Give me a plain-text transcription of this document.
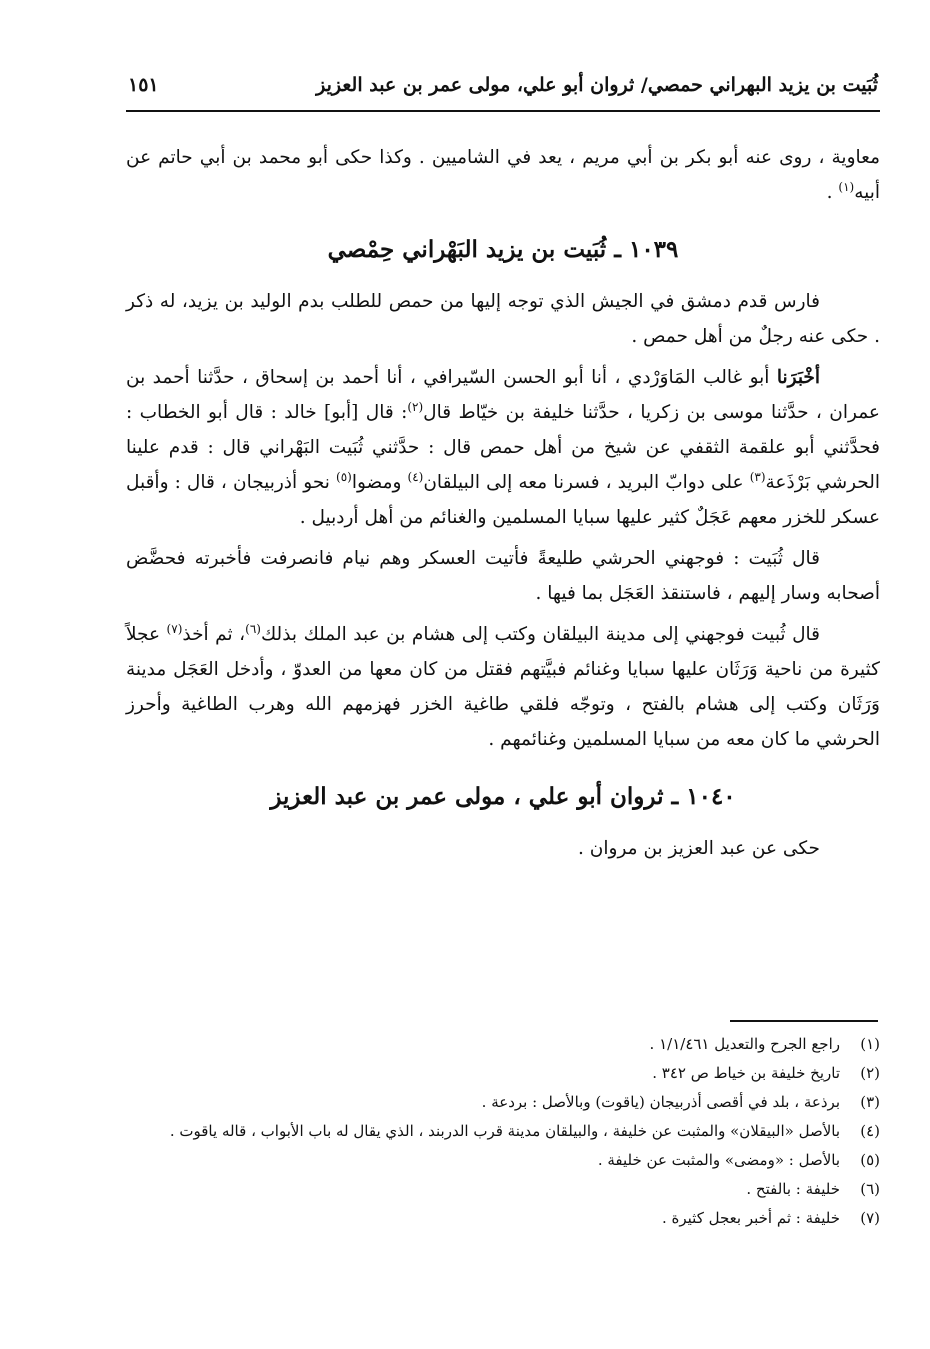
ثُبَيت بن يزيد البهراني حمصي/ ثروان أبو علي، مولى عمر بن عبد العزيز
١٥١

معاوية ، روى عنه أبو بكر بن أبي مريم ، يعد في الشاميين . وكذا حكى أبو محمد بن أبي حاتم عن أبيه$^{(١)}$ .

١٠٣٩ ـ ثُبَيت بن يزيد البَهْراني حِمْصي

فارس قدم دمشق في الجيش الذي توجه إليها من حمص للطلب بدم الوليد بن يزيد، له ذكر . حكى عنه رجلٌ من أهل حمص .

أخْبَرَنا أبو غالب المَاوَرْدي ، أنا أبو الحسن السّيرافي ، أنا أحمد بن إسحاق ، حدَّثنا أحمد بن عمران ، حدَّثنا موسى بن زكريا ، حدَّثنا خليفة بن خيّاط قال$^{(٢)}$: قال [أبو] خالد : قال أبو الخطاب : فحدَّثني أبو علقمة الثقفي عن شيخ من أهل حمص قال : حدَّثني ثُبَيت البَهْراني قال : قدم علينا الحرشي بَرْذَعة$^{(٣)}$ على دوابّ البريد ، فسرنا معه إلى البيلقان$^{(٤)}$ ومضوا$^{(٥)}$ نحو أذربيجان ، قال : وأقبل عسكر للخزر معهم عَجَلٌ كثير عليها سبايا المسلمين والغنائم من أهل أردبيل .

قال ثُبَيت : فوجهني الحرشي طليعةً فأتيت العسكر وهم نيام فانصرفت فأخبرته فحضَّض أصحابه وسار إليهم ، فاستنقذ العَجَل بما فيها .

قال ثُبيت فوجهني إلى مدينة البيلقان وكتب إلى هشام بن عبد الملك بذلك$^{(٦)}$، ثم أخذ$^{(٧)}$ عجلاً كثيرة من ناحية وَرَثَان عليها سبايا وغنائم فبيَّتهم فقتل من كان معها من العدوّ ، وأدخل العَجَل مدينة وَرَثَان وكتب إلى هشام بالفتح ، وتوجّه فلقي طاغية الخزر فهزمهم الله وهرب الطاغية وأحرز الحرشي ما كان معه من سبايا المسلمين وغنائمهم .

١٠٤٠ ـ ثروان أبو علي ، مولى عمر بن عبد العزيز

حكى عن عبد العزيز بن مروان .

(١)
راجع الجرح والتعديل ١/١/٤٦١ .
(٢)
تاريخ خليفة بن خياط ص ٣٤٢ .
(٣)
برذعة ، بلد في أقصى أذربيجان (ياقوت) وبالأصل : بردعة .
(٤)
بالأصل «البيقلان» والمثبت عن خليفة ، والبيلقان مدينة قرب الدربند ، الذي يقال له باب الأبواب ، قاله ياقوت .
(٥)
بالأصل : «ومضى» والمثبت عن خليفة .
(٦)
خليفة : بالفتح .
(٧)
خليفة : ثم أخبر بعجل كثيرة .
